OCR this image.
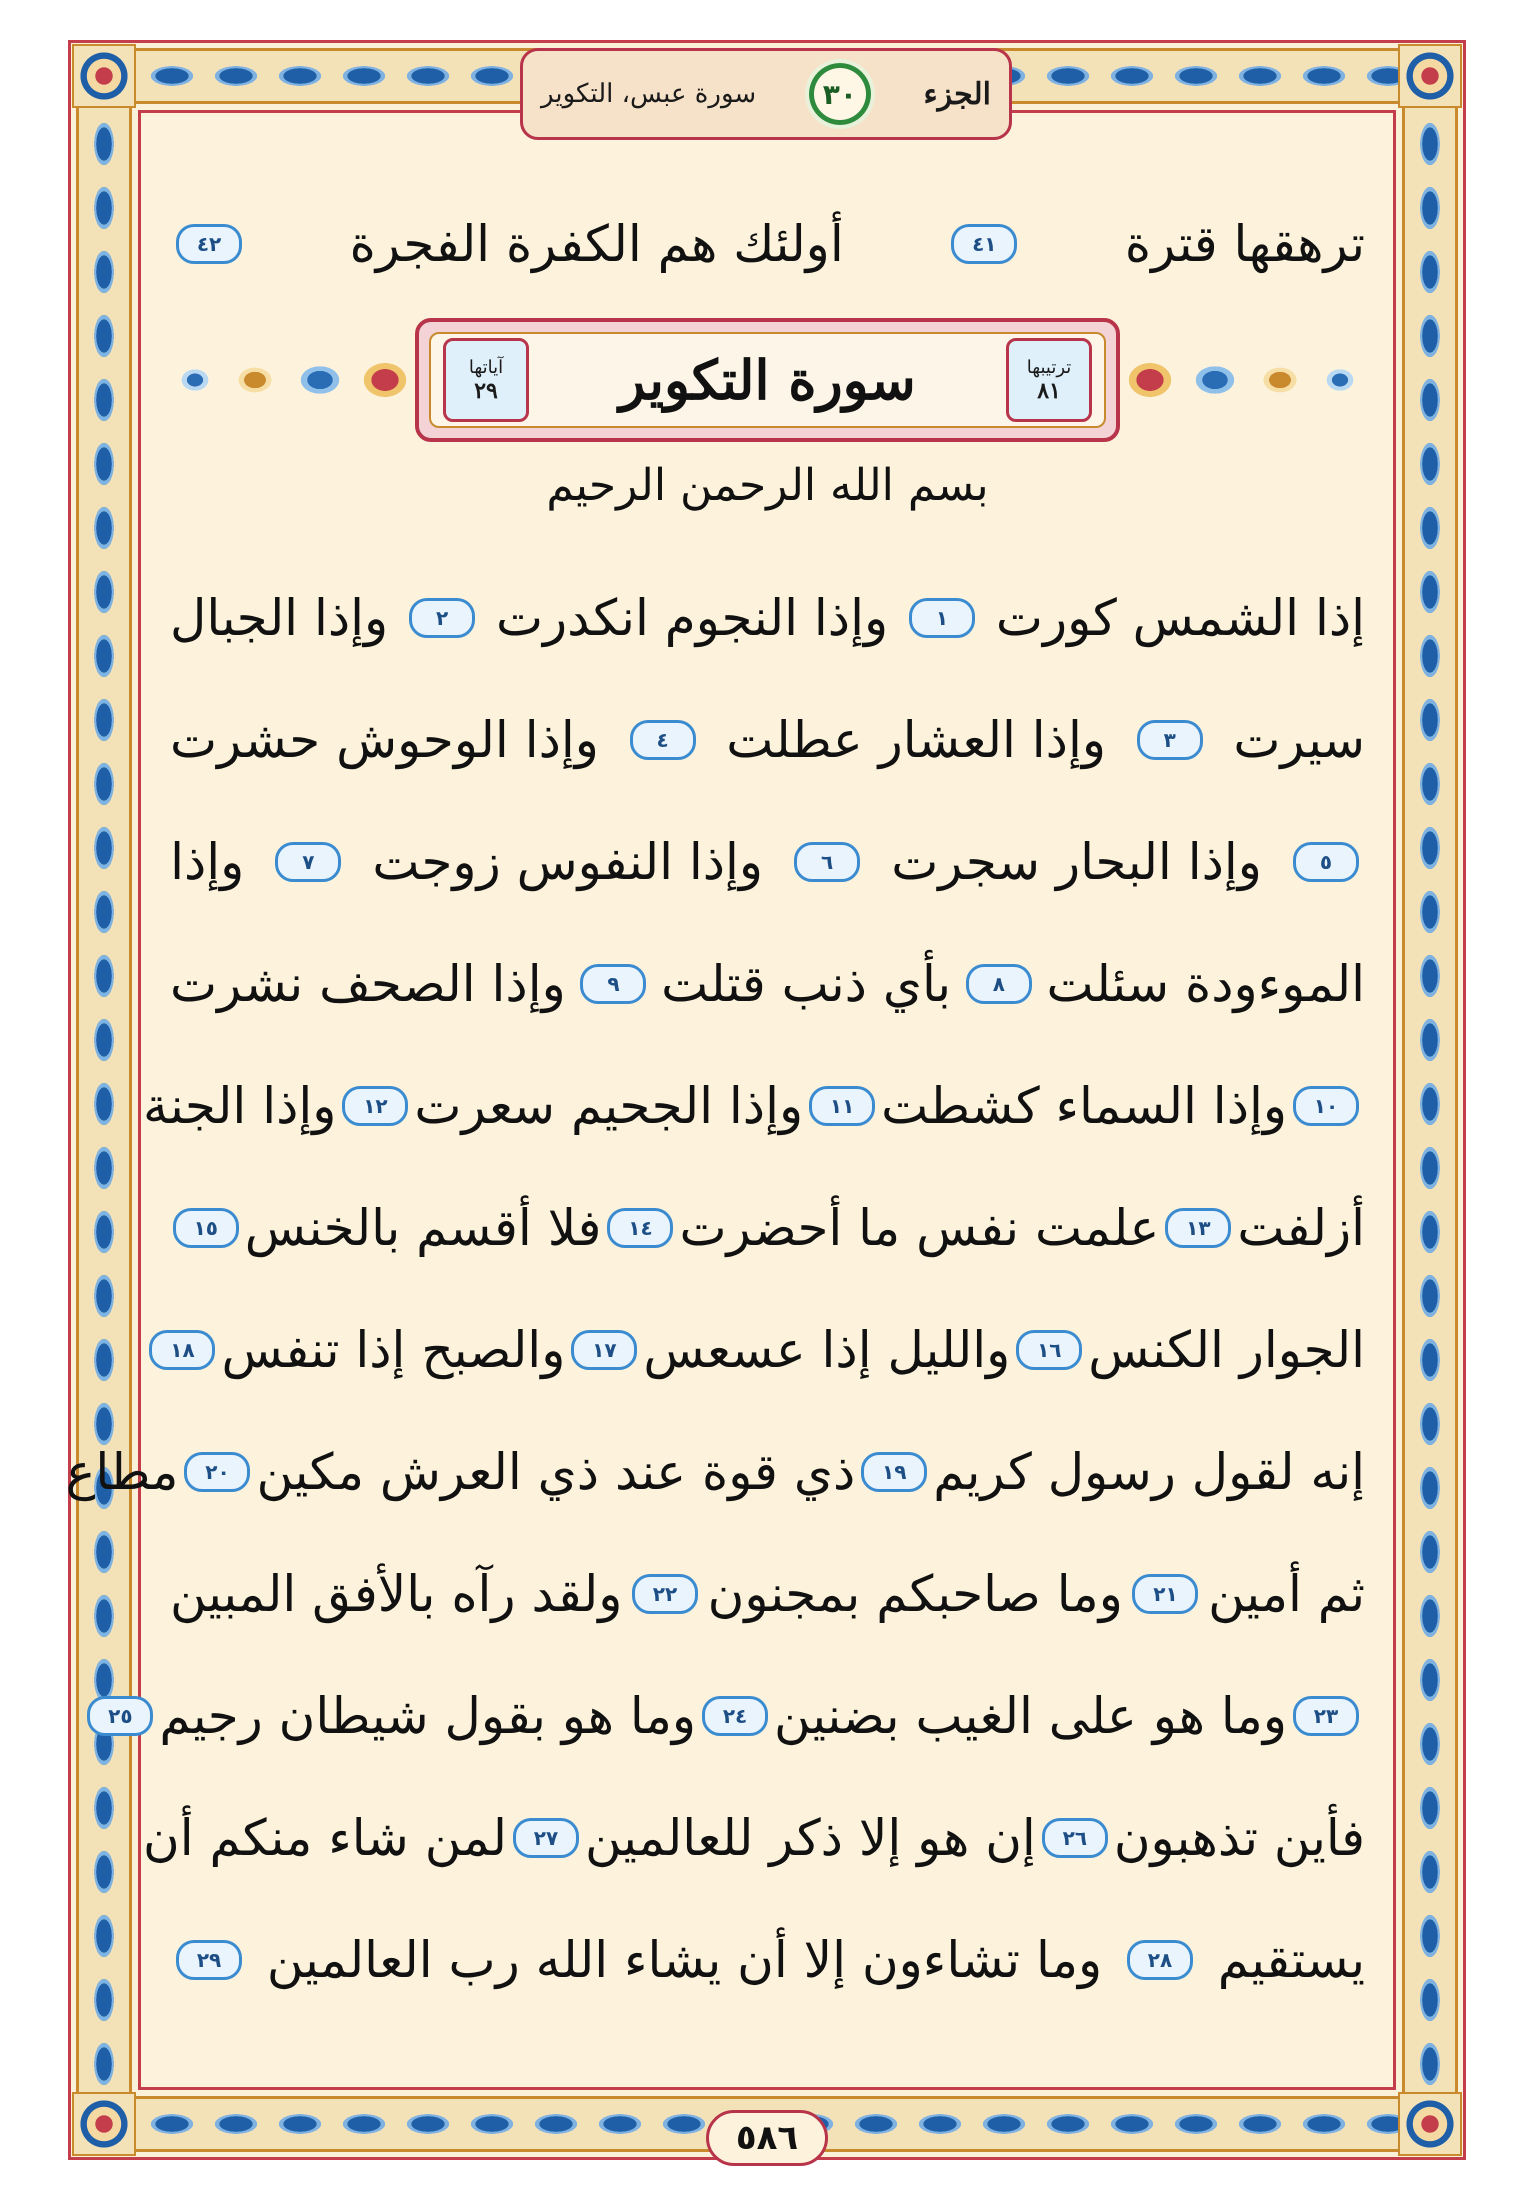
الجزء
٣٠
سورة عبس، التكوير
ترهقها قترة
٤١
أولئك هم الكفرة الفجرة
٤٢
ترتيبها
٨١
سورة التكوير
آياتها
٢٩
بسم الله الرحمن الرحيم
إذا الشمس كورت
١
وإذا النجوم انكدرت
٢
وإذا الجبال
سيرت
٣
وإذا العشار عطلت
٤
وإذا الوحوش حشرت
٥
وإذا البحار سجرت
٦
وإذا النفوس زوجت
٧
وإذا
الموءودة سئلت
٨
بأي ذنب قتلت
٩
وإذا الصحف نشرت
١٠
وإذا السماء كشطت
١١
وإذا الجحيم سعرت
١٢
وإذا الجنة
أزلفت
١٣
علمت نفس ما أحضرت
١٤
فلا أقسم بالخنس
١٥
الجوار الكنس
١٦
والليل إذا عسعس
١٧
والصبح إذا تنفس
١٨
إنه لقول رسول كريم
١٩
ذي قوة عند ذي العرش مكين
٢٠
مطاع
ثم أمين
٢١
وما صاحبكم بمجنون
٢٢
ولقد رآه بالأفق المبين
٢٣
وما هو على الغيب بضنين
٢٤
وما هو بقول شيطان رجيم
٢٥
فأين تذهبون
٢٦
إن هو إلا ذكر للعالمين
٢٧
لمن شاء منكم أن
يستقيم
٢٨
وما تشاءون إلا أن يشاء الله رب العالمين
٢٩
٥٨٦
